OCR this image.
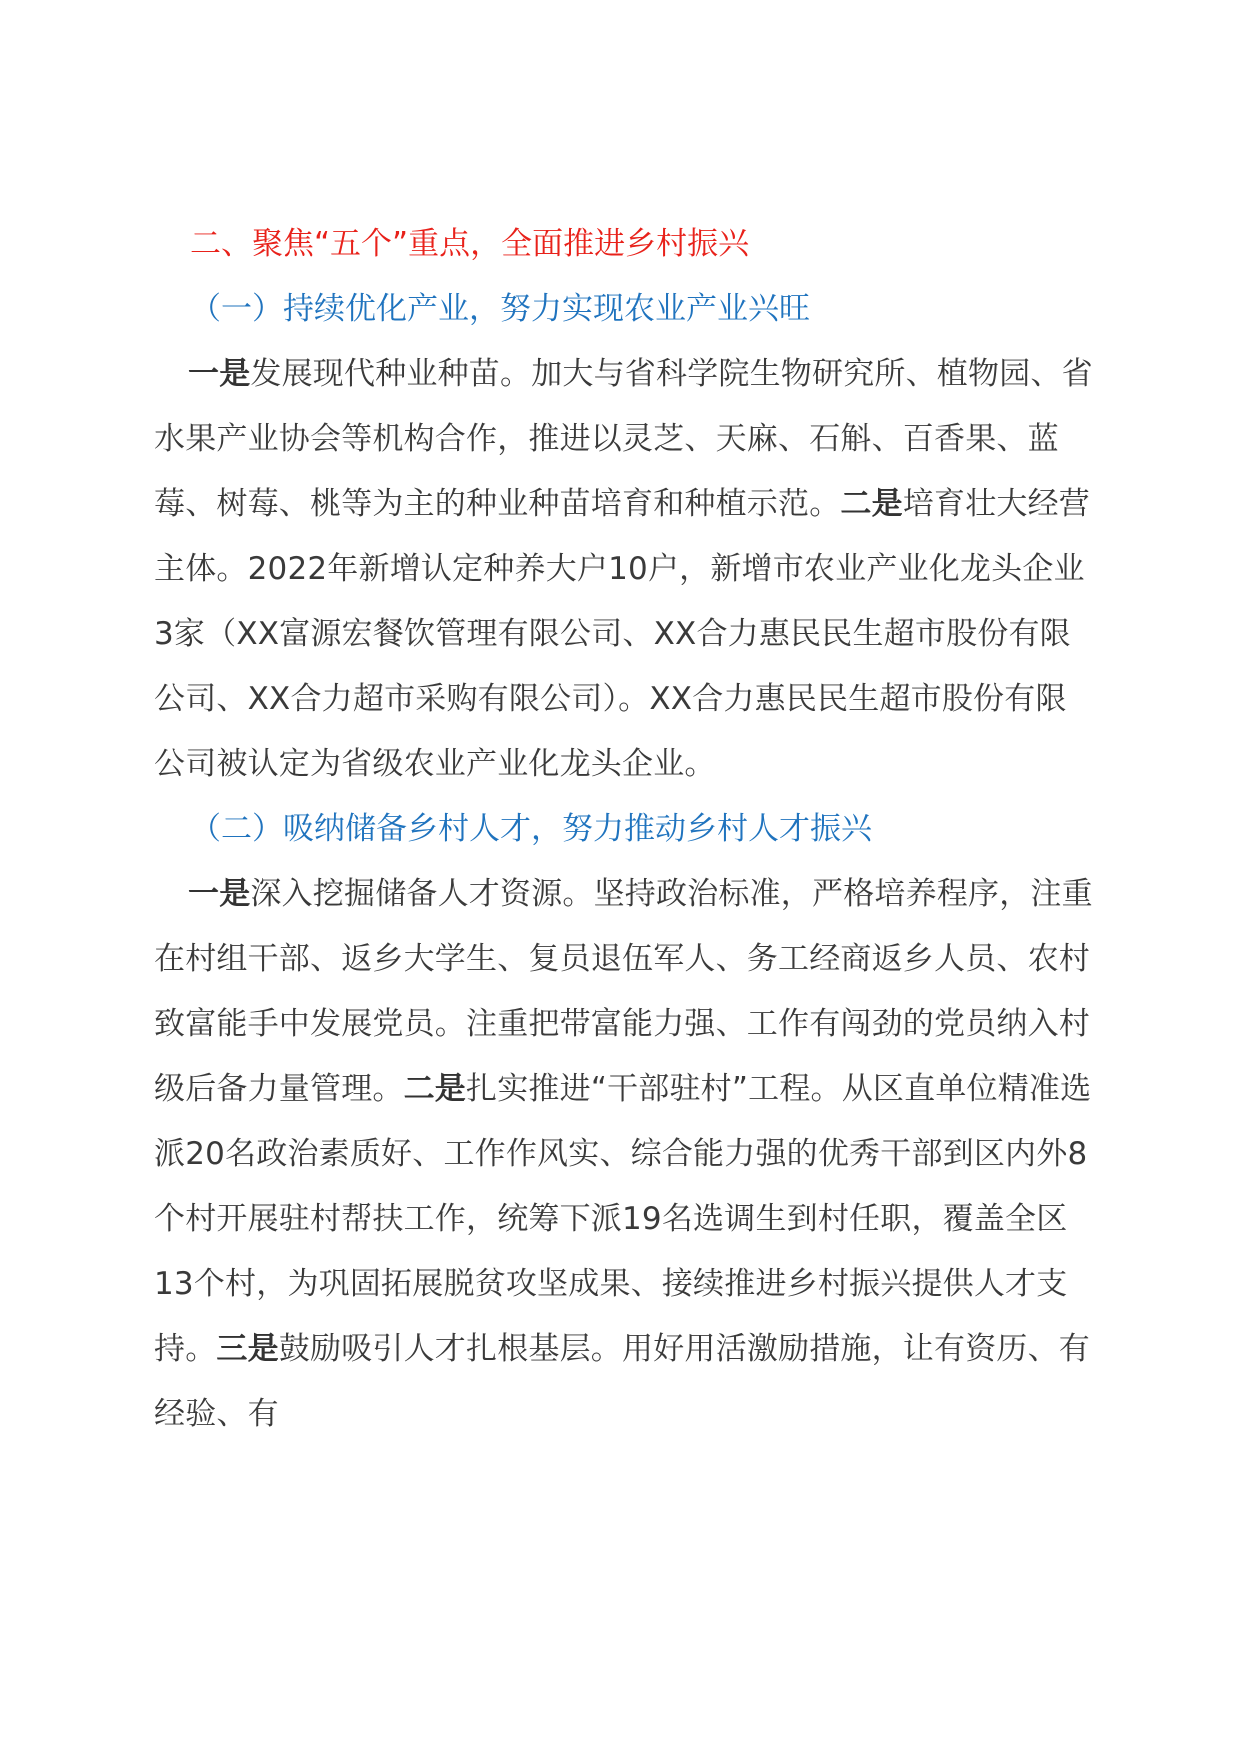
二、聚焦“五个”重点，全面推进乡村振兴
（一）持续优化产业，努力实现农业产业兴旺

一是发展现代种业种苗。加大与省科学院生物研究所、植物园、省水果产业协会等机构合作，推进以灵芝、天麻、石斛、百香果、蓝莓、树莓、桃等为主的种业种苗培育和种植示范。二是培育壮大经营主体。2022年新增认定种养大户10户，新增市农业产业化龙头企业3家（XX富源宏餐饮管理有限公司、XX合力惠民民生超市股份有限公司、XX合力超市采购有限公司）。XX合力惠民民生超市股份有限公司被认定为省级农业产业化龙头企业。

（二）吸纳储备乡村人才，努力推动乡村人才振兴

一是深入挖掘储备人才资源。坚持政治标准，严格培养程序，注重在村组干部、返乡大学生、复员退伍军人、务工经商返乡人员、农村致富能手中发展党员。注重把带富能力强、工作有闯劲的党员纳入村级后备力量管理。二是扎实推进“干部驻村”工程。从区直单位精准选派20名政治素质好、工作作风实、综合能力强的优秀干部到区内外8个村开展驻村帮扶工作，统筹下派19名选调生到村任职，覆盖全区13个村，为巩固拓展脱贫攻坚成果、接续推进乡村振兴提供人才支持。三是鼓励吸引人才扎根基层。用好用活激励措施，让有资历、有经验、有
